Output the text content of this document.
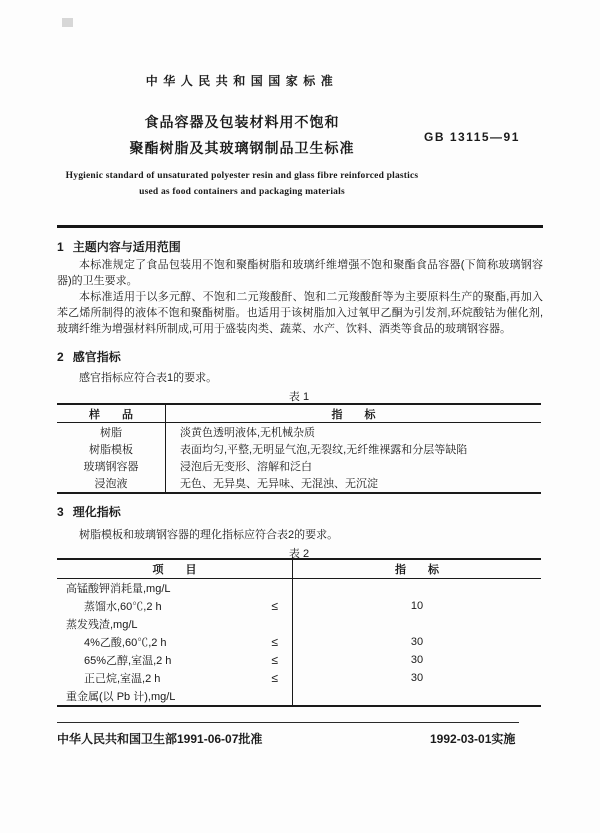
中华人民共和国国家标准
食品容器及包装材料用不饱和
聚酯树脂及其玻璃钢制品卫生标准
GB 13115—91
Hygienic standard of unsaturated polyester resin and glass fibre reinforced plastics
used as food containers and packaging materials
1 主题内容与适用范围
本标准规定了食品包装用不饱和聚酯树脂和玻璃纤维增强不饱和聚酯食品容器(下简称玻璃钢容器)的卫生要求。
本标准适用于以多元醇、不饱和二元羧酸酐、饱和二元羧酸酐等为主要原料生产的聚酯,再加入苯乙烯所制得的液体不饱和聚酯树脂。也适用于该树脂加入过氧甲乙酮为引发剂,环烷酸钴为催化剂,玻璃纤维为增强材料所制成,可用于盛装肉类、蔬菜、水产、饮料、酒类等食品的玻璃钢容器。
2 感官指标
感官指标应符合表1的要求。
表 1
样　　品	指　　标
树脂	淡黄色透明液体,无机械杂质
树脂模板	表面均匀,平整,无明显气泡,无裂纹,无纤维裸露和分层等缺陷
玻璃钢容器	浸泡后无变形、溶解和泛白
浸泡液	无色、无异臭、无异味、无混浊、无沉淀
3 理化指标
树脂模板和玻璃钢容器的理化指标应符合表2的要求。
表 2
项　　目	指　　标
高锰酸钾消耗量,mg/L
蒸馏水,60℃,2 h	≤	10
蒸发残渣,mg/L
4%乙酸,60℃,2 h	≤	30
65%乙醇,室温,2 h	≤	30
正己烷,室温,2 h	≤	30
重金属(以 Pb 计),mg/L
中华人民共和国卫生部1991-06-07批准	1992-03-01实施
